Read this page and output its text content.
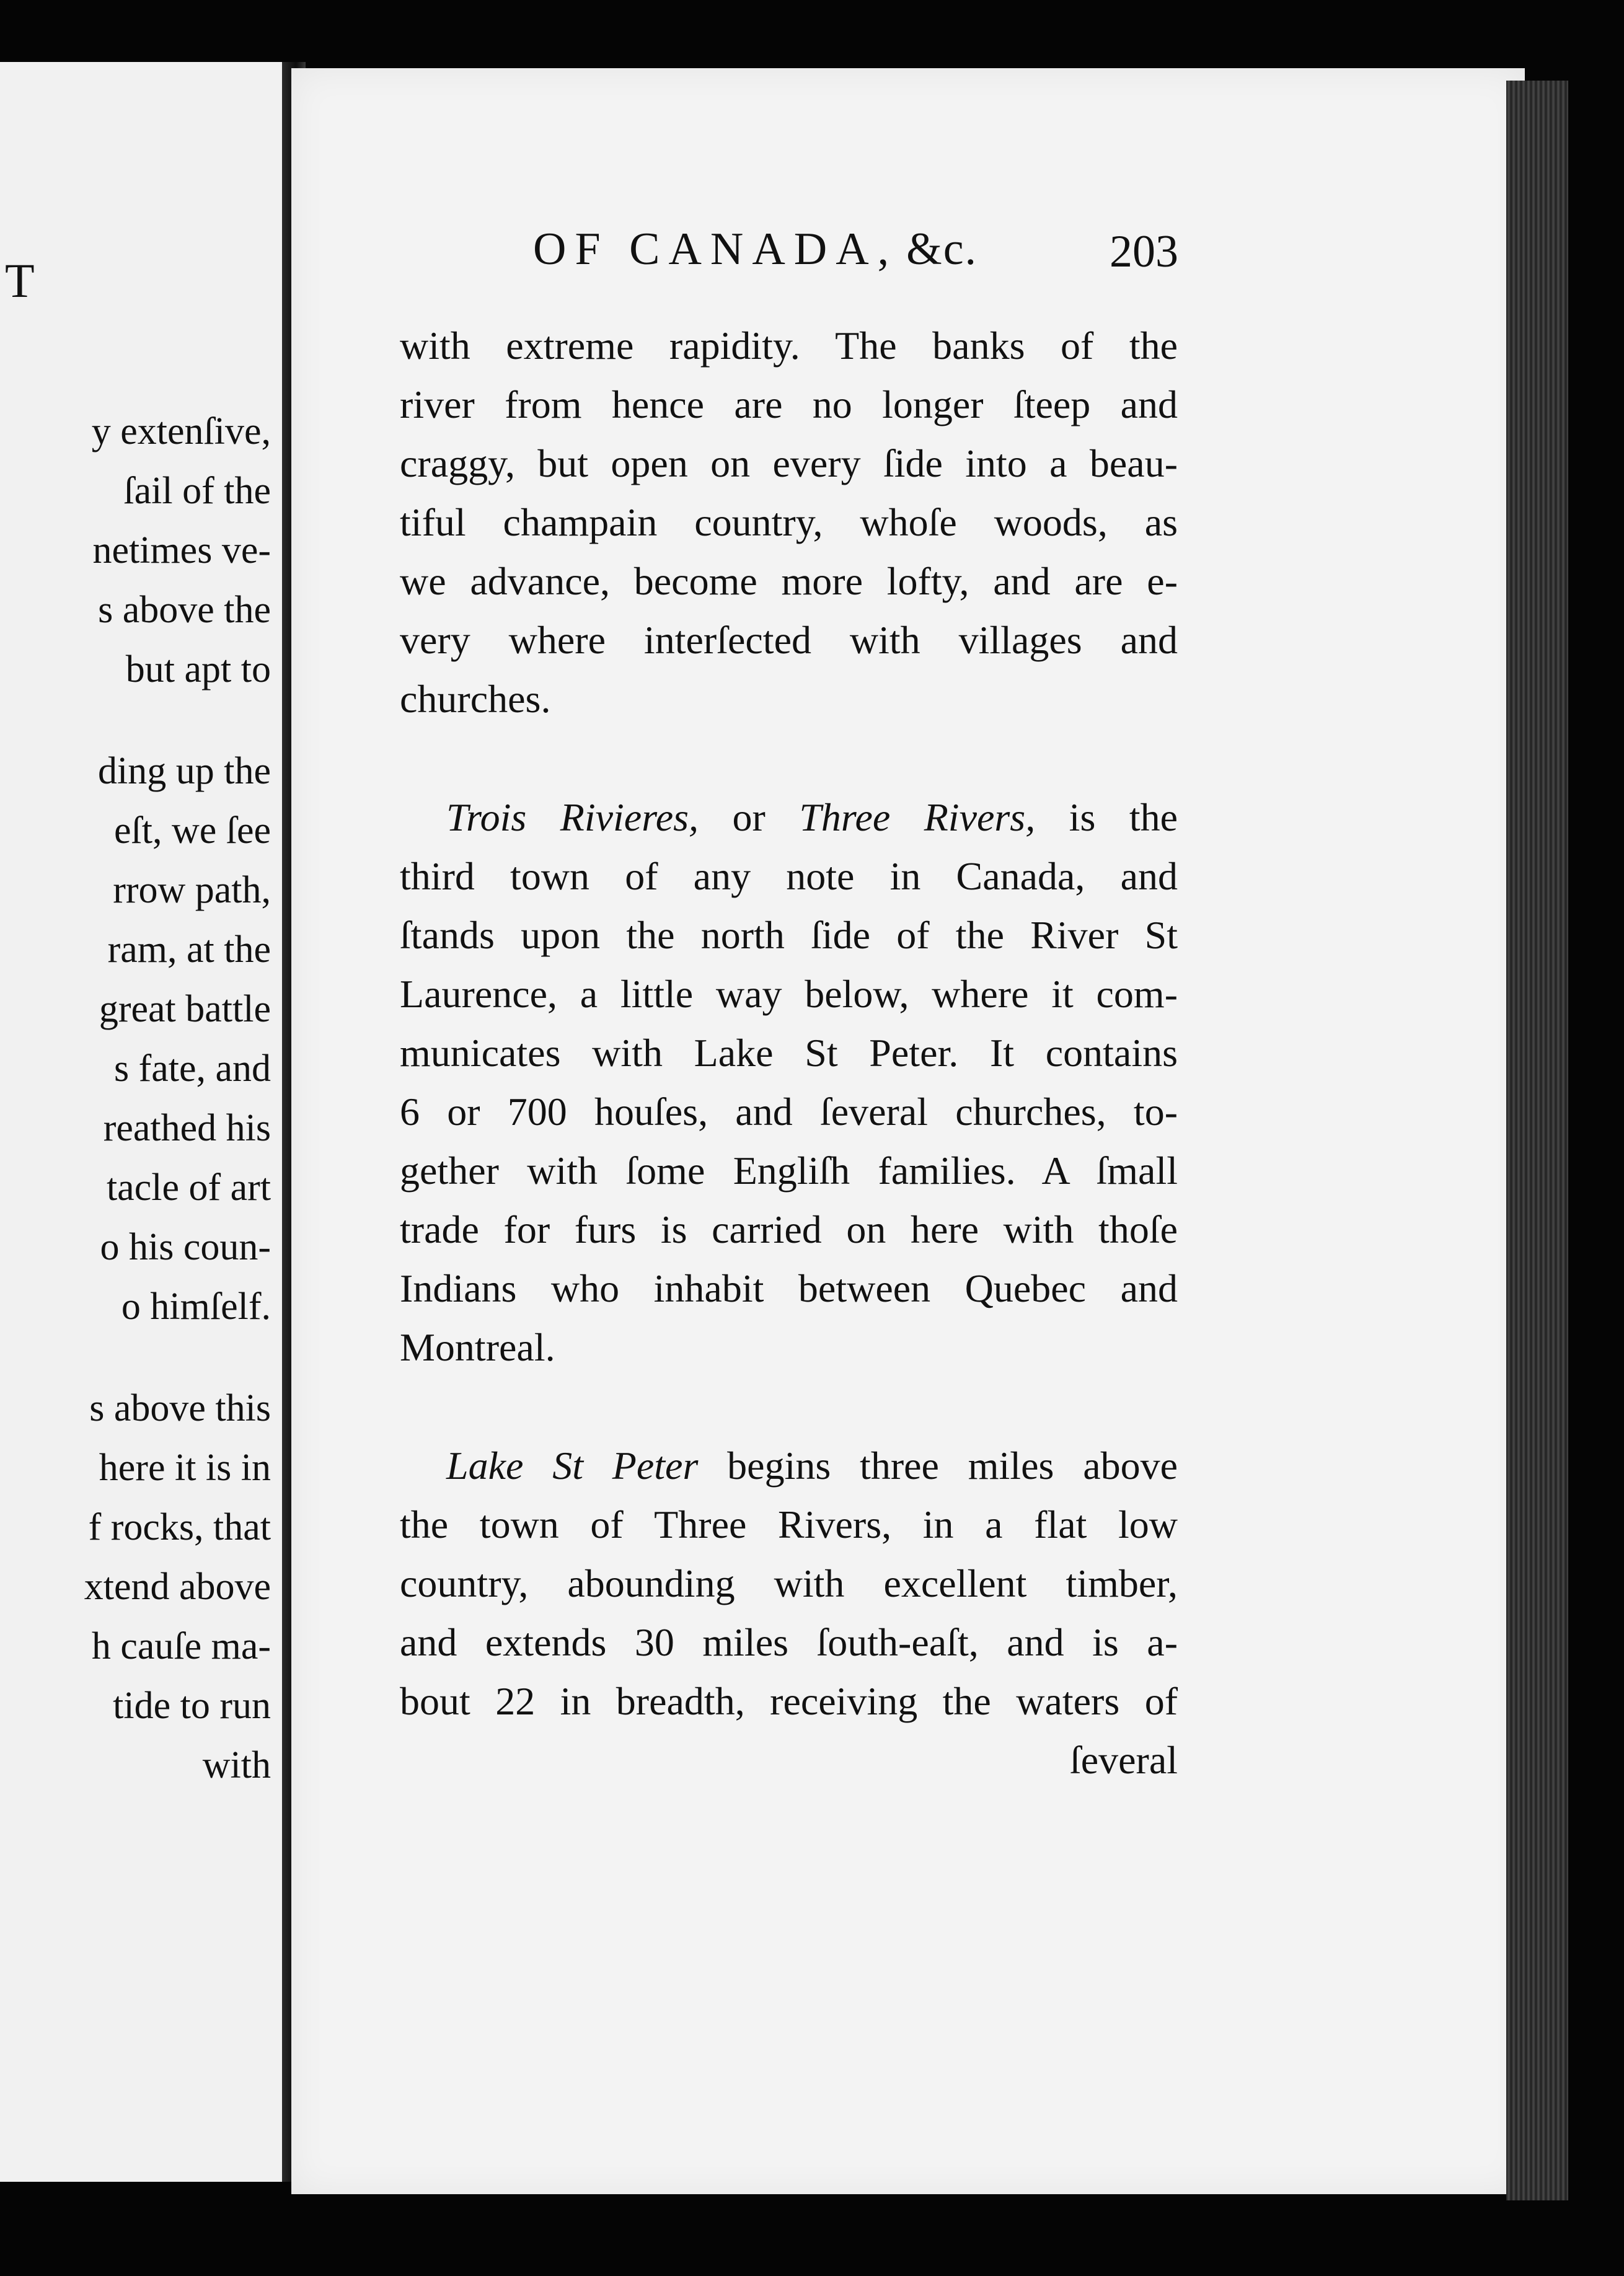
T
y extenſive,
ſail of the
netimes ve-
s above the
but apt to
ding up the
eſt, we ſee
rrow path,
ram, at the
great battle
s fate, and
reathed his
tacle of art
o his coun-
o himſelf.
s above this
here it is in
f rocks, that
xtend above
h cauſe ma-
tide to run
with
OF CANADA, &c.	203
with extreme rapidity. The banks of the
river from hence are no longer ſteep and
craggy, but open on every ſide into a beau-
tiful champain country, whoſe woods, as
we advance, become more lofty, and are e-
very where interſected with villages and
churches.
Trois Rivieres, or Three Rivers, is the
third town of any note in Canada, and
ſtands upon the north ſide of the River St
Laurence, a little way below, where it com-
municates with Lake St Peter. It contains
6 or 700 houſes, and ſeveral churches, to-
gether with ſome Engliſh families. A ſmall
trade for furs is carried on here with thoſe
Indians who inhabit between Quebec and
Montreal.
Lake St Peter begins three miles above
the town of Three Rivers, in a flat low
country, abounding with excellent timber,
and extends 30 miles ſouth-eaſt, and is a-
bout 22 in breadth, receiving the waters of
ſeveral
